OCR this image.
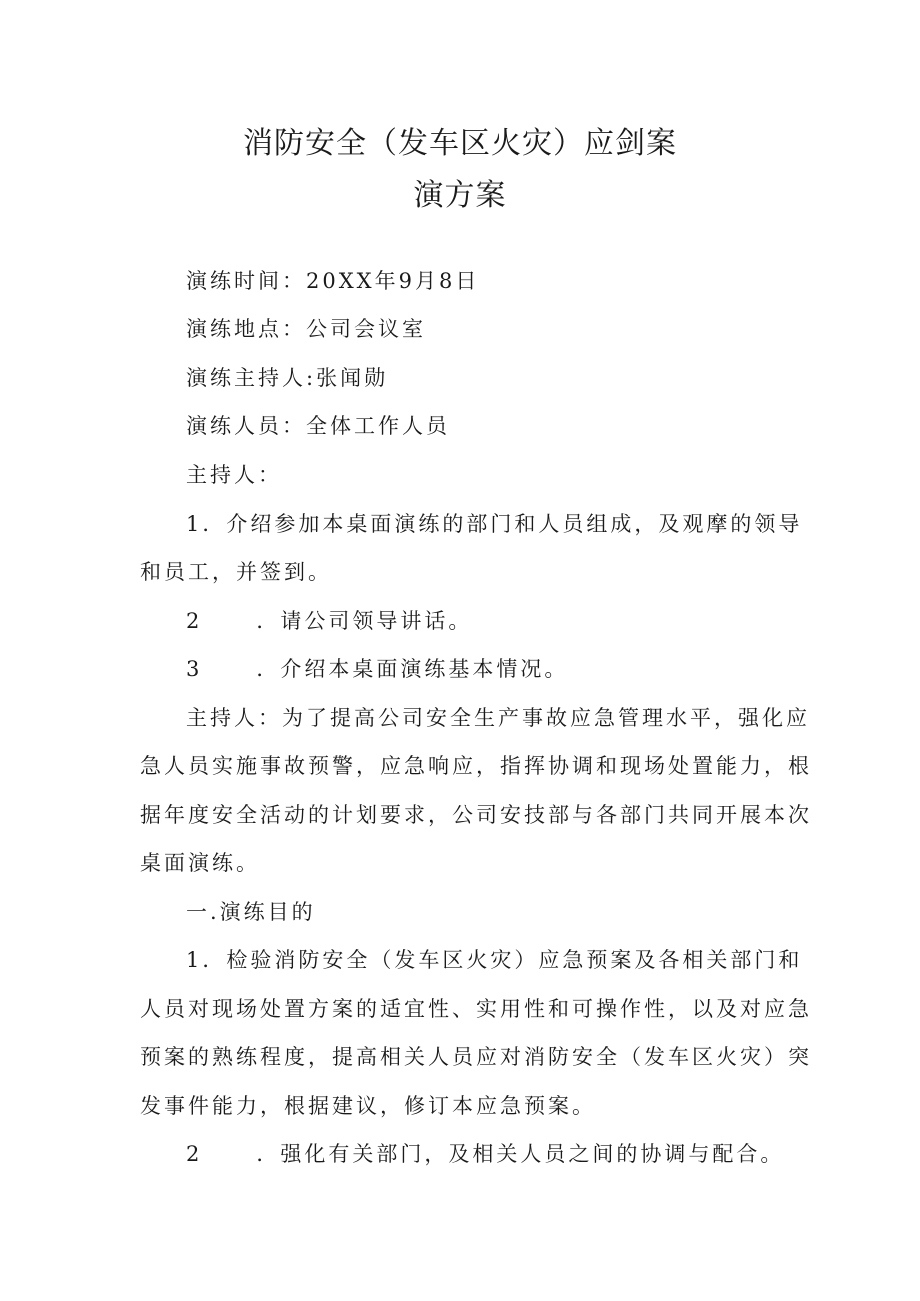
消防安全（发车区火灾）应剑案
演方案
演练时间：20XX年9月8日
演练地点：公司会议室
演练主持人:张闻勋
演练人员：全体工作人员
主持人：
1．介绍参加本桌面演练的部门和人员组成，及观摩的领导
和员工，并签到。
2	．请公司领导讲话。
3	．介绍本桌面演练基本情况。
主持人：为了提高公司安全生产事故应急管理水平，强化应
急人员实施事故预警，应急响应，指挥协调和现场处置能力，根
据年度安全活动的计划要求，公司安技部与各部门共同开展本次
桌面演练。
一.演练目的
1．检验消防安全（发车区火灾）应急预案及各相关部门和
人员对现场处置方案的适宜性、实用性和可操作性，以及对应急
预案的熟练程度，提高相关人员应对消防安全（发车区火灾）突
发事件能力，根据建议，修订本应急预案。
2	．强化有关部门，及相关人员之间的协调与配合。
